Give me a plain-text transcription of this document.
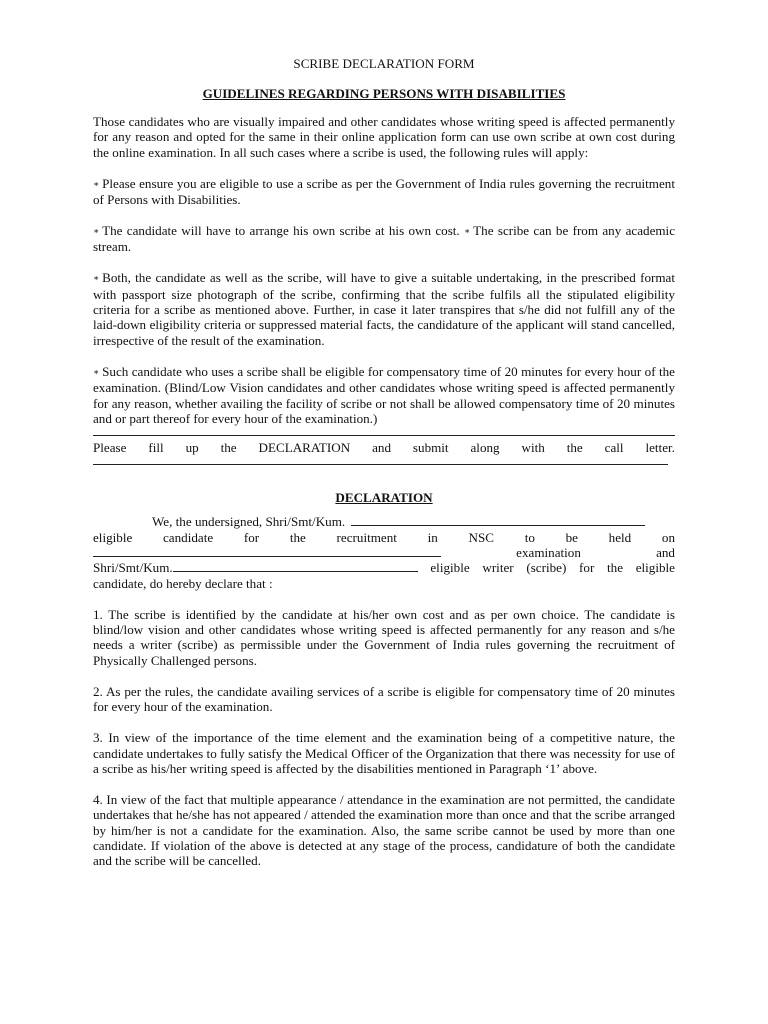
SCRIBE DECLARATION FORM
GUIDELINES REGARDING PERSONS WITH DISABILITIES

Those candidates who are visually impaired and other candidates whose writing speed is affected permanently for any reason and opted for the same in their online application form can use own scribe at own cost during the online examination. In all such cases where a scribe is used, the following rules will apply:

∗ Please ensure you are eligible to use a scribe as per the Government of India rules governing the recruitment of Persons with Disabilities.

∗ The candidate will have to arrange his own scribe at his own cost. ∗ The scribe can be from any academic stream.

∗ Both, the candidate as well as the scribe, will have to give a suitable undertaking, in the prescribed format with passport size photograph of the scribe, confirming that the scribe fulfils all the stipulated eligibility criteria for a scribe as mentioned above. Further, in case it later transpires that s/he did not fulfill any of the laid-down eligibility criteria or suppressed material facts, the candidature of the applicant will stand cancelled, irrespective of the result of the examination.

∗ Such candidate who uses a scribe shall be eligible for compensatory time of 20 minutes for every hour of the examination. (Blind/Low Vision candidates and other candidates whose writing speed is affected permanently for any reason, whether availing the facility of scribe or not shall be allowed compensatory time of 20 minutes and or part thereof for every hour of the examination.)

Please fill up the DECLARATION and submit along with the call letter.
DECLARATION
We, the undersigned, Shri/Smt/Kum.
eligible candidate for the recruitment in NSC to be held on
examination	and
Shri/Smt/Kum.	eligible writer (scribe) for the eligible
candidate, do hereby declare that :

1. The scribe is identified by the candidate at his/her own cost and as per own choice. The candidate is blind/low vision and other candidates whose writing speed is affected permanently for any reason and s/he needs a writer (scribe) as permissible under the Government of India rules governing the recruitment of Physically Challenged persons.

2. As per the rules, the candidate availing services of a scribe is eligible for compensatory time of 20 minutes for every hour of the examination.

3. In view of the importance of the time element and the examination being of a competitive nature, the candidate undertakes to fully satisfy the Medical Officer of the Organization that there was necessity for use of a scribe as his/her writing speed is affected by the disabilities mentioned in Paragraph ‘1’ above.

4. In view of the fact that multiple appearance / attendance in the examination are not permitted, the candidate undertakes that he/she has not appeared / attended the examination more than once and that the scribe arranged by him/her is not a candidate for the examination. Also, the same scribe cannot be used by more than one candidate. If violation of the above is detected at any stage of the process, candidature of both the candidate and the scribe will be cancelled.
